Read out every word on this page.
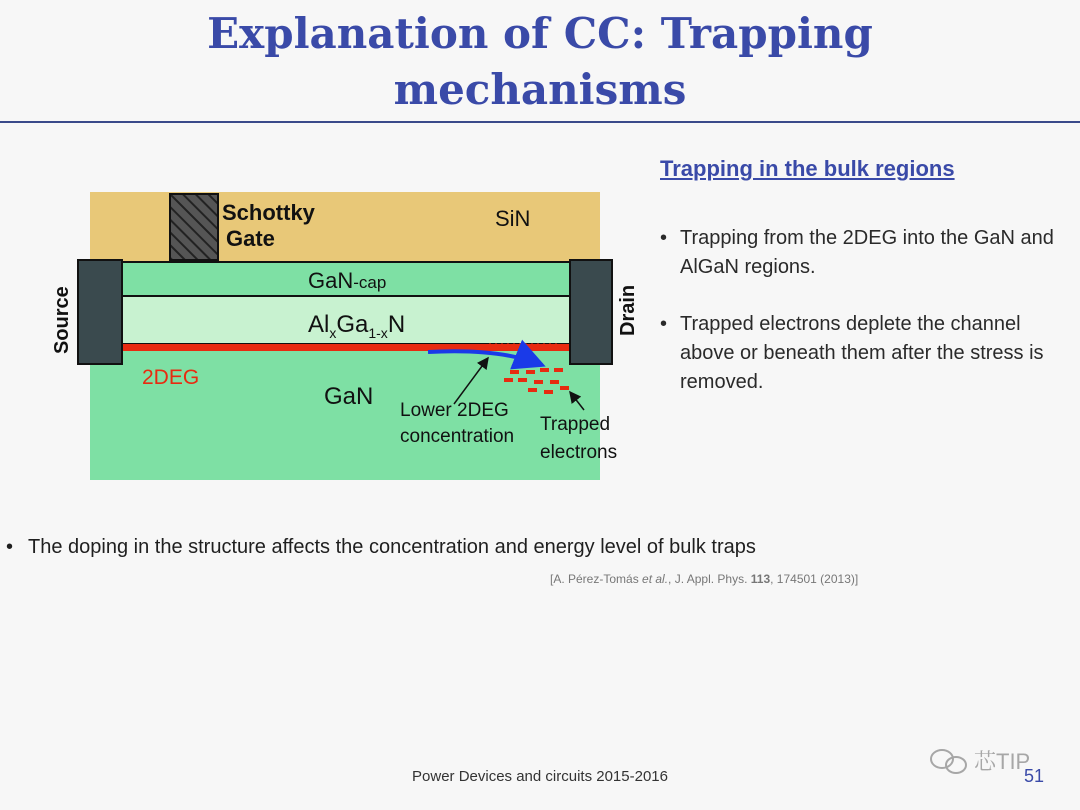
Explanation of CC: Trapping
mechanisms
Schottky
Gate
SiN
GaN-cap
$Al_xGa_{1-x}N$
Source	Drain
2DEG
GaN
Lower 2DEG
concentration
Trapped
electrons
Trapping in the bulk regions
• Trapping from the 2DEG into the GaN and AlGaN regions.
• Trapped electrons deplete the channel above or beneath them after the stress is removed.
• The doping in the structure affects the concentration and energy level of bulk traps
[A. Pérez-Tomás et al., J. Appl. Phys. 113, 174501 (2013)]
芯TIP
Power Devices and circuits 2015-2016	51
